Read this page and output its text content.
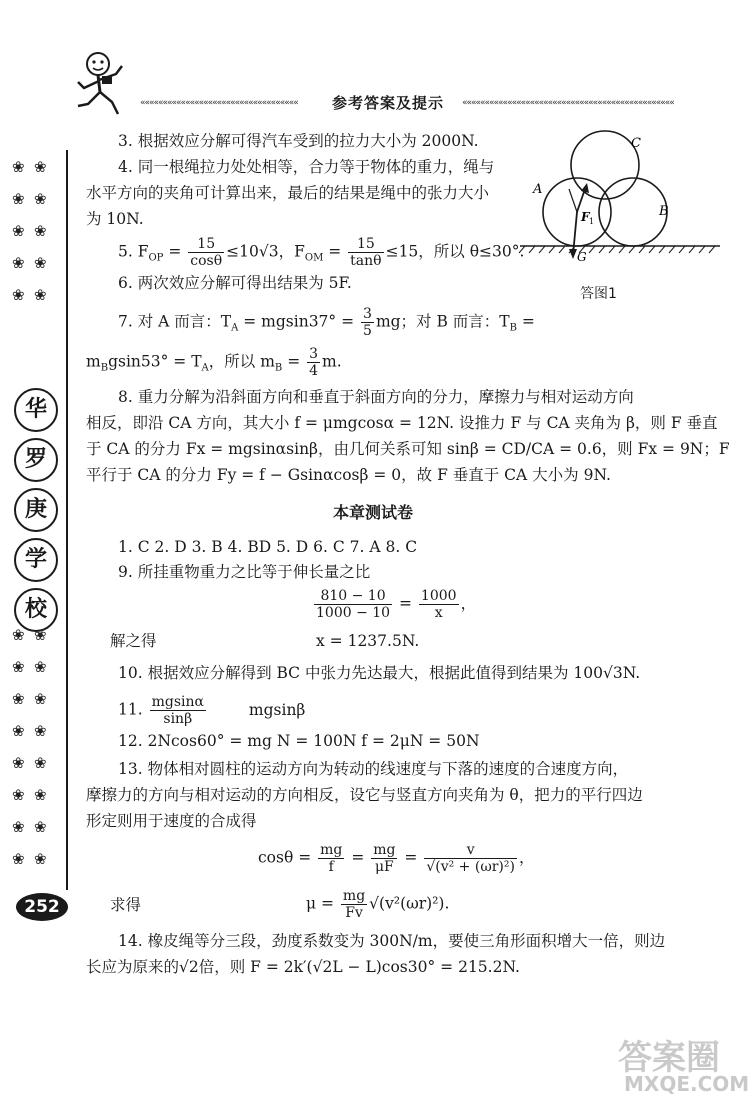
«««««««««««««««««««««««««««««««««««	参考答案及提示 «««««««««««««««««««««««««««««««««««««««««««««««
❀ ❀
❀ ❀
❀ ❀
❀ ❀
❀ ❀
华
罗
庚
学
校
❀ ❀
❀ ❀
❀ ❀
❀ ❀
❀ ❀
❀ ❀
❀ ❀
❀ ❀
252
C
A
B
F 1
G
答图1
3. 根据效应分解可得汽车受到的拉力大小为 2000N.
4. 同一根绳拉力处处相等，合力等于物体的重力，绳与
水平方向的夹角可计算出来，最后的结果是绳中的张力大小
为 10N.
5. $F_{OP} = \frac{15}{\cos\theta} \le 10√3$，$F_{OM} = \frac{15}{\tan\theta} \le 15$，所以 θ≤30°.
6. 两次效应分解可得出结果为 5F.
7. 对 A 而言：$T_A = mgsin37^\circ = \frac{3}{5}$ mg；对 B 而言：$T_B$ =
$m_Bgsin53^\circ = T_A$，所以 $m_B = \frac{3}{4} m$.
8. 重力分解为沿斜面方向和垂直于斜面方向的分力，摩擦力与相对运动方向
相反，即沿 CA 方向，其大小 f = μmgcosα = 12N. 设推力 F 与 CA 夹角为 β，则 F 垂直
于 CA 的分力 Fx = mgsinαsinβ，由几何关系可知 sinβ = CD/CA = 0.6，则 Fx = 9N；F
平行于 CA 的分力 Fy = f − Gsinαcosβ = 0，故 F 垂直于 CA 大小为 9N.
本章测试卷
1. C 2. D 3. B 4. BD 5. D 6. C 7. A 8. C
9. 所挂重物重力之比等于伸长量之比
$\frac{810 - 10}{1000 - 10} = \frac{1000}{x}$ ，
解之得	x = 1237.5N.
10. 根据效应分解得到 BC 中张力先达最大，根据此值得到结果为 100√3N.
11. $\frac{mgsin\alpha}{\sin\beta}$	mgsinβ
12. 2Ncos60° = mg N = 100N f = 2μN = 50N
13. 物体相对圆柱的运动方向为转动的线速度与下落的速度的合速度方向，
摩擦力的方向与相对运动的方向相反，设它与竖直方向夹角为 θ，把力的平行四边
形定则用于速度的合成得
$\cos\theta = \frac{mg}{f} = \frac{mg}{\mu F} = \frac{v}{\text{√(v² + (ωr)²)}}$ ，
求得	$\mu = \frac{mg}{Fv} √(v^2(\omega r)^2)$.
14. 橡皮绳等分三段，劲度系数变为 300N/m，要使三角形面积增大一倍，则边
长应为原来的√2倍，则 F = 2k′(√2L − L)cos30° = 215.2N.
答案圈
MXQE.COM
